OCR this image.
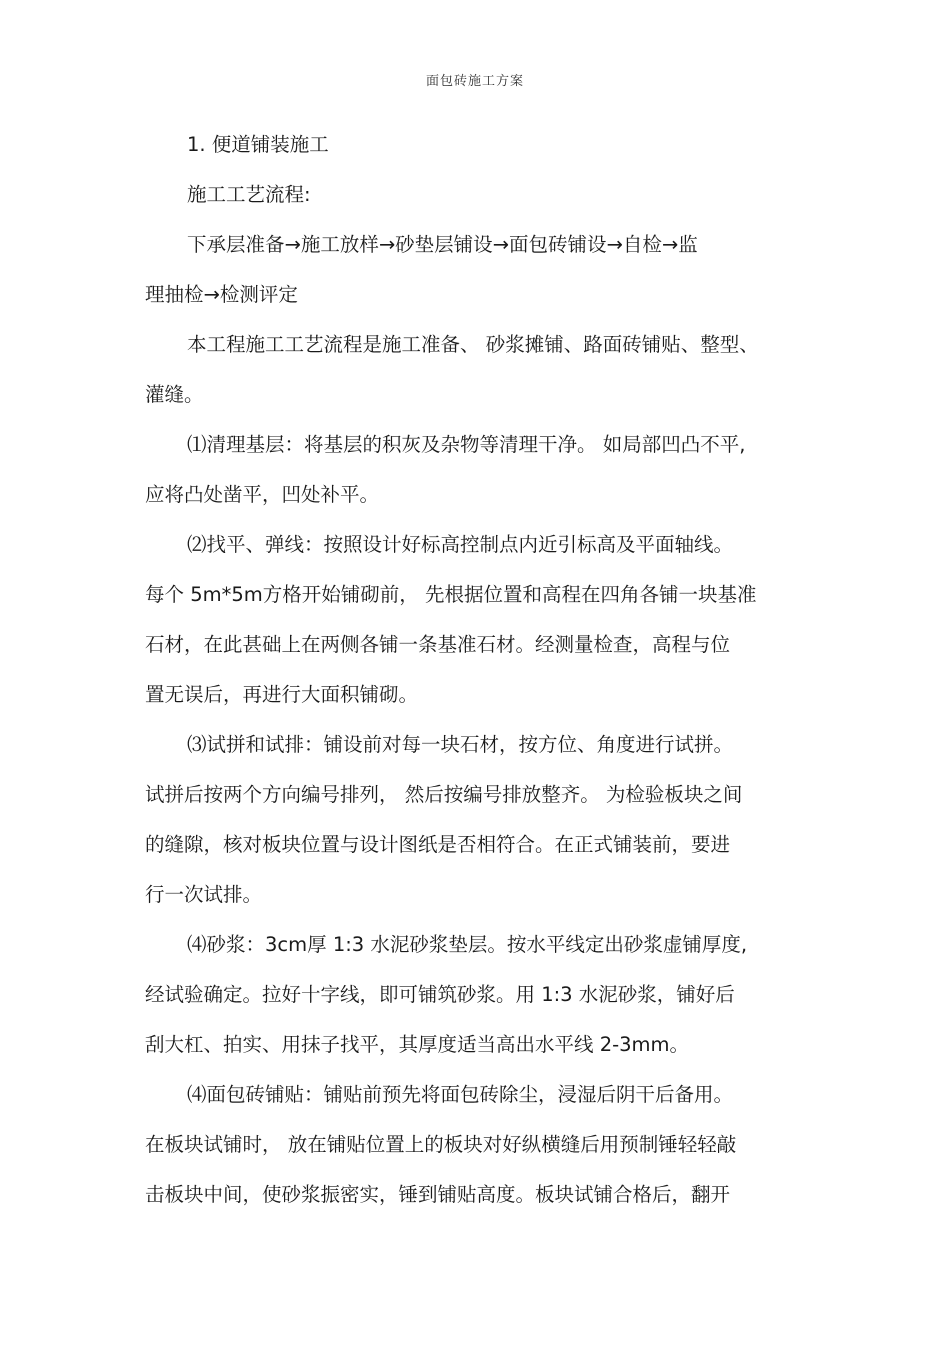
面包砖施工方案
1. 便道铺装施工
施工工艺流程:
下承层准备→施工放样→砂垫层铺设→面包砖铺设→自检→监
理抽检→检测评定
本工程施工工艺流程是施工准备、 砂浆摊铺、路面砖铺贴、整型、
灌缝。
⑴清理基层：将基层的积灰及杂物等清理干净。 如局部凹凸不平,
应将凸处凿平，凹处补平。
⑵找平、弹线：按照设计好标高控制点内近引标高及平面轴线。
每个 5m*5m方格开始铺砌前， 先根据位置和高程在四角各铺一块基准
石材，在此甚础上在两侧各铺一条基准石材。经测量检查，高程与位
置无误后，再进行大面积铺砌。
⑶试拼和试排：铺设前对每一块石材，按方位、角度进行试拼。
试拼后按两个方向编号排列， 然后按编号排放整齐。 为检验板块之间
的缝隙，核对板块位置与设计图纸是否相符合。在正式铺装前，要进
行一次试排。
⑷砂浆：3cm厚 1:3 水泥砂浆垫层。按水平线定出砂浆虚铺厚度,
经试验确定。拉好十字线，即可铺筑砂浆。用 1:3 水泥砂浆，铺好后
刮大杠、拍实、用抹子找平，其厚度适当高出水平线 2-3mm。
⑷面包砖铺贴：铺贴前预先将面包砖除尘，浸湿后阴干后备用。
在板块试铺时， 放在铺贴位置上的板块对好纵横缝后用预制锤轻轻敲
击板块中间，使砂浆振密实，锤到铺贴高度。板块试铺合格后，翻开
